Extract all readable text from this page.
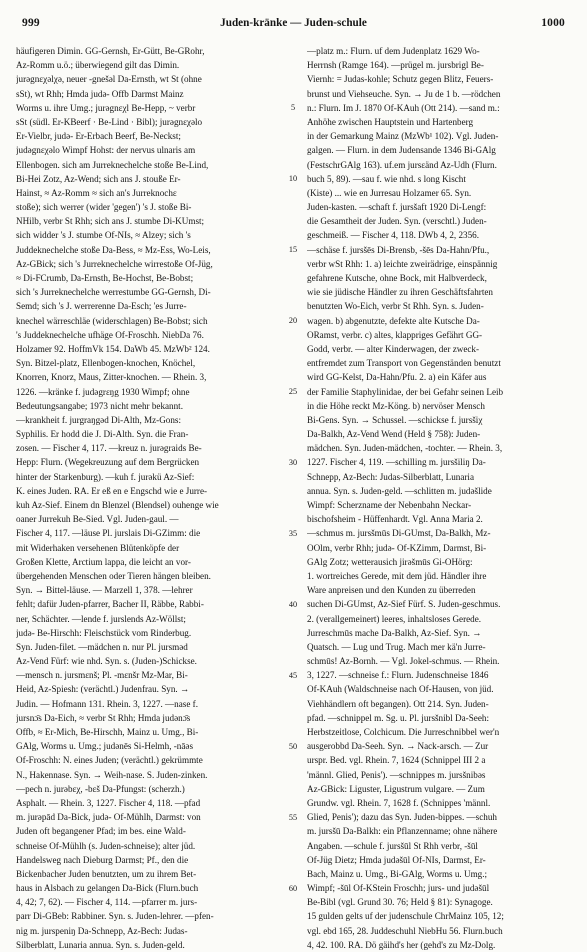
999	Juden-kränke — Juden-schule	1000
häufigeren Dimin. GG-Gernsh, Er-Gütt, Be-GRohr,
Az-Romm u.ö.; überwiegend gilt das Dimin.
jurəgnεχəlχə, neuer -gnešəl Da-Ernsth, wt St (ohne
sSt), wt Rhh; Hmda judə- Offb Darmst Mainz
Worms u. ihre Umg.; jurəgnεχl Be-Hepp, ~ verbr
sSt (südl. Er-KBeerf · Be-Lind · Bibl); jurəgnεχəlo
Er-Vielbr, judə- Er-Erbach Beerf, Be-Neckst;
judəgnεχəlo Wimpf Hohst: der nervus ulnaris am
Ellenbogen. sich am Jurreknechelche stoße Be-Lind,
Bi-Hei Zotz, Az-Wend; sich ans J. stouße Er-
Hainst, ≈ Az-Romm ≈ sich an's Jurreknochε
stoße); sich werrer (wider 'gegen') 's J. stoße Bi-
NHilb, verbr St Rhh; sich ans J. stumbe Di-KUmst;
sich widder 's J. stumbe Of-NIs, ≈ Alzey; sich 's
Juddeknechelche stoße Da-Bess, ≈ Mz-Ess, Wo-Leis,
Az-GBick; sich 's Jurreknechelche wirrestoße Of-Jüg,
≈ Di-FCrumb, Da-Ernsth, Be-Hochst, Be-Bobst;
sich 's Jurreknechelche werrestumbe GG-Gernsh, Di-
Semd; sich 's J. werrerenne Da-Esch; 'es Jurre-
knechel wärreschläe (widerschlagen) Be-Bobst; sich
's Juddeknechelche ufhäge Of-Froschh. NiebDa 76.
Holzamer 92. HoffmVk 154. DaWb 45. MzWb² 124.
Syn. Bitzel-platz, Ellenbogen-knochen, Knöchel,
Knorren, Knorz, Maus, Zitter-knochen. — Rhein. 3,
1226. —kränke f. judəgrεŋg 1930 Wimpf; ohne
Bedeutungsangabe; 1973 nicht mehr bekannt.
—krankheit f. jurgraŋgəd Di-Alth, Mz-Gons:
Syphilis. Er hodd die J. Di-Alth. Syn. die Fran-
zosen. — Fischer 4, 117. —kreuz n. jurəgraids Be-
Hepp: Flurn. (Wegekreuzung auf dem Bergrücken
hinter der Starkenburg). —kuh f. jurəkü Az-Sief:
K. eines Juden. RA. Er eß en e Engschd wie e Jurre-
kuh Az-Sief. Einem dn Blenzel (Blendsel) ouhenge wie
oaner Jurrekuh Be-Sied. Vgl. Juden-gaul. —
Fischer 4, 117. —läuse Pl. jurslais Di-GZimm: die
mit Widerhaken versehenen Blütenköpfe der
Großen Klette, Arctium lappa, die leicht an vor-
übergehenden Menschen oder Tieren hängen bleiben.
Syn. → Bittel-läuse. — Marzell 1, 378. —lehrer
fehlt; dafür Juden-pfarrer, Bacher II, Räbbe, Rabbi-
ner, Schächter. —lende f. jurslends Az-Wöllst;
judə- Be-Hirschh: Fleischstück vom Rinderbug.
Syn. Juden-filet. —mädchen n. nur Pl. jursməd
Az-Vend Fürf: wie nhd. Syn. s. (Juden-)Schickse.
—mensch n. jursmεnš; Pl. -mεnšr Mz-Mar, Bi-
Heid, Az-Spiesh: (verächtl.) Judenfrau. Syn. →
Judin. — Hofmann 131. Rhein. 3, 1227. —nase f.
jursnɔ̄s Da-Eich, ≈ verbr St Rhh; Hmda judənɔ̄s
Offb, ≈ Er-Mich, Be-Hirschh, Mainz u. Umg., Bi-
GAlg, Worms u. Umg.; judənēs Si-Helmh, -nāəs
Of-Froschh: N. eines Juden; (verächtl.) gekrümmte
N., Hakennase. Syn. → Weih-nase. S. Juden-zinken.
—pech n. jurəbεχ, -bεš Da-Pfungst: (scherzh.)
Asphalt. — Rhein. 3, 1227. Fischer 4, 118. —pfad
m. jurəpād Da-Bick, judə- Of-Mühlh, Darmst: von
Juden oft begangener Pfad; im bes. eine Wald-
schneise Of-Mühlh (s. Juden-schneise); alter jüd.
Handelsweg nach Dieburg Darmst; Pf., den die
Bickenbacher Juden benutzten, um zu ihrem Bet-
haus in Alsbach zu gelangen Da-Bick (Flurn.buch
4, 42; 7, 62). — Fischer 4, 114. —pfarrer m. jurs-
parr Di-GBeb: Rabbiner. Syn. s. Juden-lehrer. —pfen-
nig m. jurspeniŋ Da-Schnepp, Az-Bech: Judas-
Silberblatt, Lunaria annua. Syn. s. Juden-geld.
5
10
15
20
25
30
35
40
45
50
55
60
—platz m.: Flurn. uf dem Judenplatz 1629 Wo-
Herrnsh (Ramge 164). —prügel m. jursbrigl Be-
Viernh: = Judas-kohle; Schutz gegen Blitz, Feuers-
brunst und Viehseuche. Syn. → Ju de 1 b. —rödchen
n.: Flurn. Im J. 1870 Of-KAuh (Ott 214). —sand m.:
Anhöhe zwischen Hauptstein und Hartenberg
in der Gemarkung Mainz (MzWb¹ 102). Vgl. Juden-
galgen. — Flurn. in dem Judensande 1346 Bi-GAlg
(FestschrGAlg 163). uf.em jursεänd Az-Udh (Flurn.
buch 5, 89). —sau f. wie nhd. s long Kischt
(Kiste) ... wie en Jurresau Holzamer 65. Syn.
Juden-kasten. —schaft f. jursšaft 1920 Di-Lengf:
die Gesamtheit der Juden. Syn. (verschtl.) Juden-
geschmeiß. — Fischer 4, 118. DWb 4, 2, 2356.
—schäse f. jursšēs Di-Brensb, -šēs Da-Hahn/Pfu.,
verbr wSt Rhh: 1. a) leichte zweirädrige, einspännig
gefahrene Kutsche, ohne Bock, mit Halbverdeck,
wie sie jüdische Händler zu ihren Geschäftsfahrten
benutzten Wo-Eich, verbr St Rhh. Syn. s. Juden-
wagen. b) abgenutzte, defekte alte Kutsche Da-
ORamst, verbr. c) altes, klappriges Gefährt GG-
Godd, verbr. — alter Kinderwagen, der zweck-
entfremdet zum Transport von Gegenständen benutzt
wird GG-Kelst, Da-Hahn/Pfu. 2. a) ein Käfer aus
der Familie Staphylinidae, der bei Gefahr seinen Leib
in die Höhe reckt Mz-Köng. b) nervöser Mensch
Bi-Gens. Syn. → Schussel. —schickse f. jursšiχ
Da-Balkh, Az-Vend Wend (Held § 758): Juden-
mädchen. Syn. Juden-mädchen, -tochter. — Rhein. 3,
1227. Fischer 4, 119. —schilling m. jursšiliŋ Da-
Schnepp, Az-Bech: Judas-Silberblatt, Lunaria
annua. Syn. s. Juden-geld. —schlitten m. judəšlide
Wimpf: Scherzname der Nebenbahn Neckar-
bischofsheim - Hüffenhardt. Vgl. Anna Maria 2.
—schmus m. jursšmūs Di-GUmst, Da-Balkh, Mz-
OOlm, verbr Rhh; judə- Of-KZimm, Darmst, Bi-
GAlg Zotz; wetterausich jirəšmūs Gi-OHörg:
1. wortreiches Gerede, mit dem jüd. Händler ihre
Ware anpreisen und den Kunden zu überreden
suchen Di-GUmst, Az-Sief Fürf. S. Juden-geschmus.
2. (verallgemeinert) leeres, inhaltsloses Gerede.
Jurreschmūs mache Da-Balkh, Az-Sief. Syn. →
Quatsch. — Lug und Trug. Mach mer kä'n Jurre-
schmūs! Az-Bornh. — Vgl. Jokel-schmus. — Rhein.
3, 1227. —schneise f.: Flurn. Judenschneise 1846
Of-KAuh (Waldschneise nach Of-Hausen, von jüd.
Viehhändlern oft begangen). Ott 214. Syn. Juden-
pfad. —schnippel m. Sg. u. Pl. jursšnibl Da-Seeh:
Herbstzeitlose, Colchicum. Die Jurreschnibbel wer'n
ausgerobbd Da-Seeh. Syn. → Nack-arsch. — Zur
urspr. Bed. vgl. Rhein. 7, 1624 (Schnippel III 2 a
'männl. Glied, Penis'). —schnippes m. jursšnibəs
Az-GBick: Liguster, Ligustrum vulgare. — Zum
Grundw. vgl. Rhein. 7, 1628 f. (Schnippes 'männl.
Glied, Penis'); dazu das Syn. Juden-bippes. —schuh
m. jursšū Da-Balkh: ein Pflanzenname; ohne nähere
Angaben. —schule f. jursšūl St Rhh verbr, -šūl
Of-Jüg Dietz; Hmda judəšūl Of-NIs, Darmst, Er-
Bach, Mainz u. Umg., Bi-GAlg, Worms u. Umg.;
Wimpf; -šūl Of-KStein Froschh; jurs- und judəšūl
Be-Bibl (vgl. Grund 30. 76; Held § 81): Synagoge.
15 gulden gelts uf der judenschule ChrMainz 105, 12;
vgl. ebd 165, 28. Juddeschuhl NiebHu 56. Flurn.buch
4, 42. 100. RA. Dö gäihd's her (gehd's zu Mz-Dolg.
